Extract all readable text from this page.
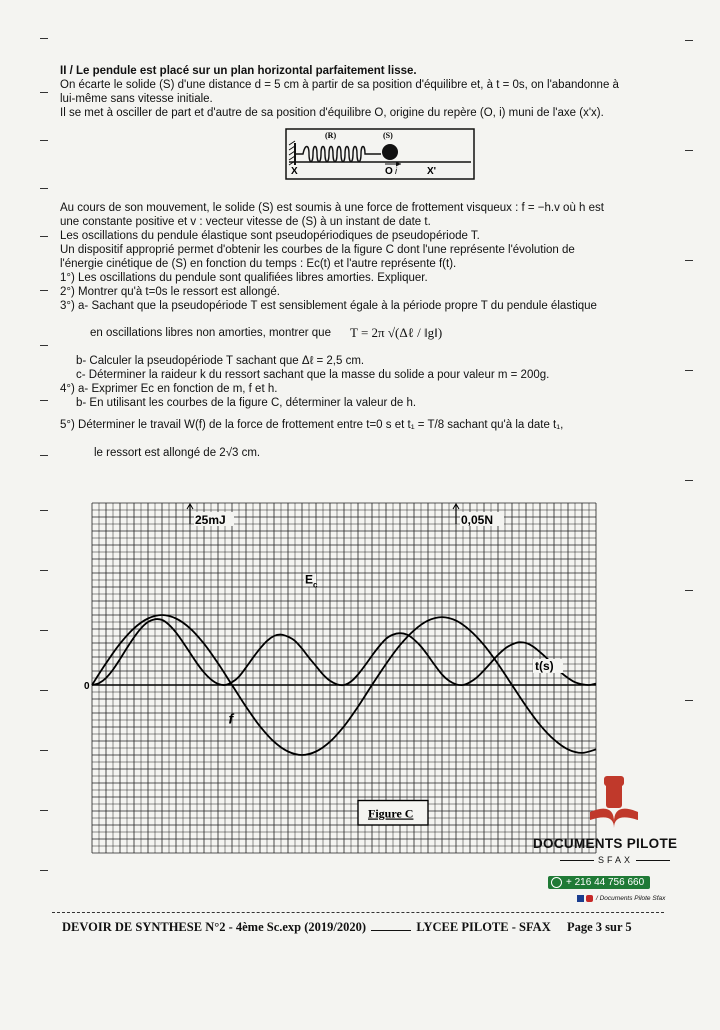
II / Le pendule est placé sur un plan horizontal parfaitement lisse.
On écarte le solide (S) d'une distance d = 5 cm à partir de sa position d'équilibre et, à t = 0s, on l'abandonne à
lui-même sans vitesse initiale.
Il se met à osciller de part et d'autre de sa position d'équilibre O, origine du repère (O, i) muni de l'axe (x'x).
(R)	(S)
X	O i	X'
Au cours de son mouvement, le solide (S) est soumis à une force de frottement visqueux : f = −h.v où h est
une constante positive et v : vecteur vitesse de (S) à un instant de date t.
Les oscillations du pendule élastique sont pseudopériodiques de pseudopériode T.
Un dispositif approprié permet d'obtenir les courbes de la figure C dont l'une représente l'évolution de
l'énergie cinétique de (S) en fonction du temps : Ec(t) et l'autre représente f(t).
1°) Les oscillations du pendule sont qualifiées libres amorties. Expliquer.
2°) Montrer qu'à t=0s le ressort est allongé.
3°) a- Sachant que la pseudopériode T est sensiblement égale à la période propre T du pendule élastique
en oscillations libres non amorties, montrer que T = 2π √(Δℓ / ‖g‖)
b- Calculer la pseudopériode T sachant que Δℓ = 2,5 cm.
c- Déterminer la raideur k du ressort sachant que la masse du solide a pour valeur m = 200g.
4°) a- Exprimer Ec en fonction de m, f et h.
b- En utilisant les courbes de la figure C, déterminer la valeur de h.
5°) Déterminer le travail W(f) de la force de frottement entre t=0 s et t₁ = T/8 sachant qu'à la date t₁,
le ressort est allongé de 2√3 cm.
25mJ	0,05N
0
t(s)
E c
f
Figure C
DOCUMENTS PILOTE
SFAX
+ 216 44 756 660
/ Documents Pilote Sfax
DEVOIR DE SYNTHESE N°2 - 4ème Sc.exp (2019/2020)	LYCEE PILOTE - SFAX Page 3 sur 5
